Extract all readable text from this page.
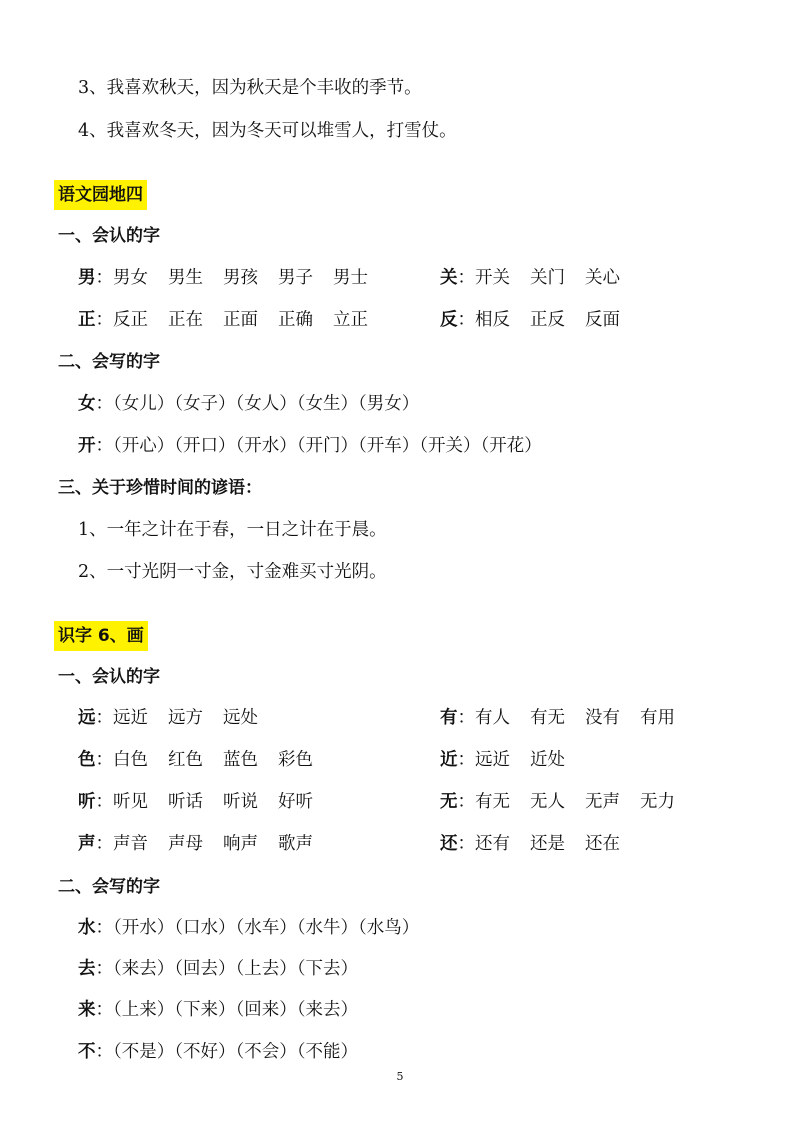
3、我喜欢秋天，因为秋天是个丰收的季节。
4、我喜欢冬天，因为冬天可以堆雪人，打雪仗。
语文园地四
一、会认的字
男：男女 男生 男孩 男子 男士	关：开关 关门 关心
正：反正 正在 正面 正确 立正	反：相反 正反 反面
二、会写的字
女：（女儿）（女子）（女人）（女生）（男女）
开：（开心）（开口）（开水）（开门）（开车）（开关）（开花）
三、关于珍惜时间的谚语：
1、一年之计在于春，一日之计在于晨。
2、一寸光阴一寸金，寸金难买寸光阴。
识字 6、画
一、会认的字
远：远近 远方 远处	有：有人 有无 没有 有用
色：白色 红色 蓝色 彩色	近：远近 近处
听：听见 听话 听说 好听	无：有无 无人 无声 无力
声：声音 声母 响声 歌声	还：还有 还是 还在
二、会写的字
水：（开水）（口水）（水车）（水牛）（水鸟）
去：（来去）（回去）（上去）（下去）
来：（上来）（下来）（回来）（来去）
不：（不是）（不好）（不会）（不能）
5
